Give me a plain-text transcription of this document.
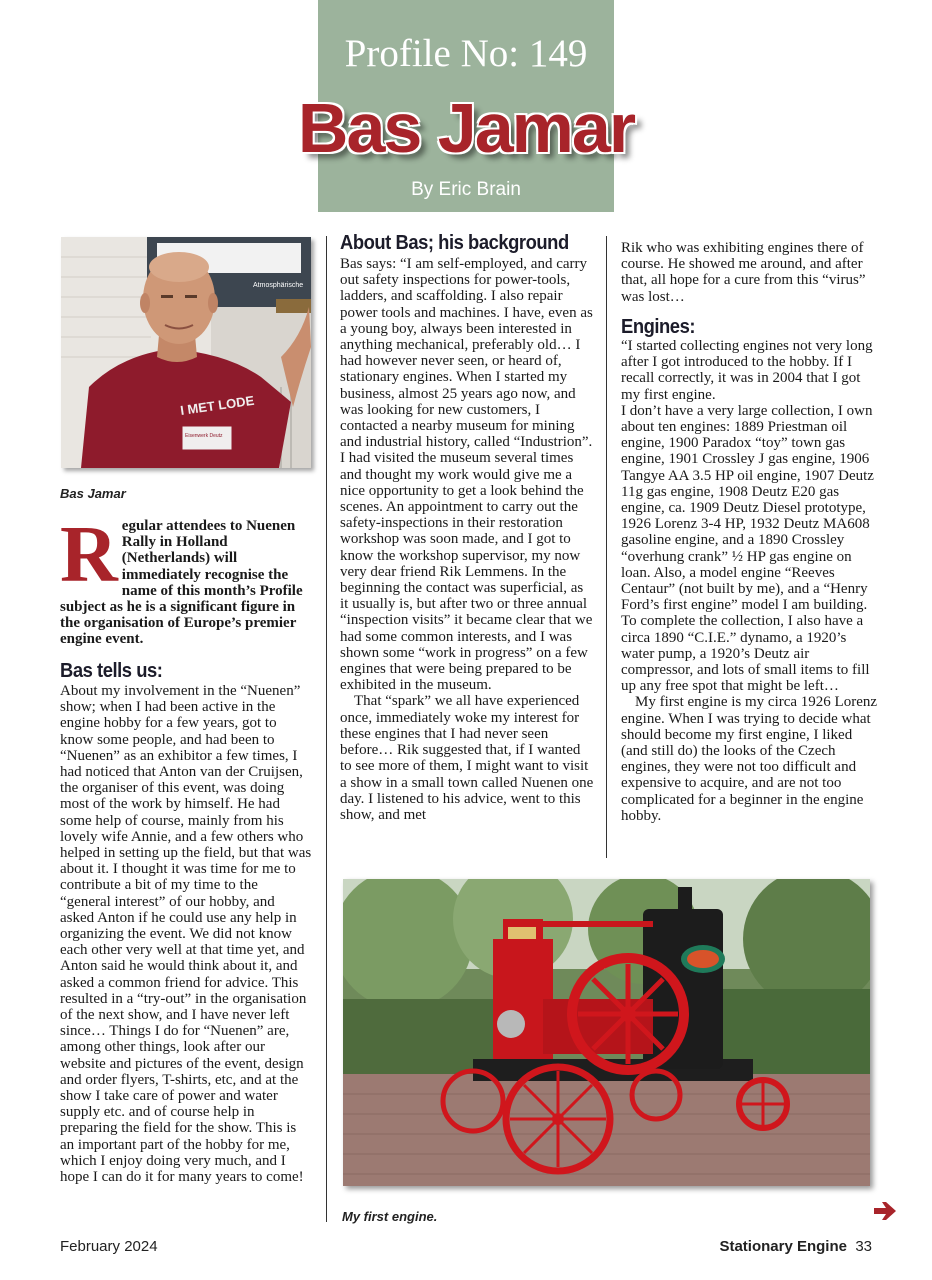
Profile No: 149
Bas Jamar
By Eric Brain
Atmosphärische
I MET LODE
Eisenwerk Deutz
Bas Jamar
Regular attendees to Nuenen Rally in Holland (Netherlands) will immediately recognise the name of this month’s Profile subject as he is a significant figure in the organisation of Europe’s premier engine event.
Bas tells us:

About my involvement in the “Nuenen” show; when I had been active in the engine hobby for a few years, got to know some people, and had been to “Nuenen” as an exhibitor a few times, I had noticed that Anton van der Cruijsen, the organiser of this event, was doing most of the work by himself. He had some help of course, mainly from his lovely wife Annie, and a few others who helped in setting up the field, but that was about it. I thought it was time for me to contribute a bit of my time to the “general interest” of our hobby, and asked Anton if he could use any help in organizing the event. We did not know each other very well at that time yet, and Anton said he would think about it, and asked a common friend for advice. This resulted in a “try-out” in the organisation of the next show, and I have never left since… Things I do for “Nuenen” are, among other things, look after our website and pictures of the event, design and order flyers, T-shirts, etc, and at the show I take care of power and water supply etc. and of course help in preparing the field for the show. This is an important part of the hobby for me, which I enjoy doing very much, and I hope I can do it for many years to come!

About Bas; his background

Bas says: “I am self-employed, and carry out safety inspections for power-tools, ladders, and scaffolding. I also repair power tools and machines. I have, even as a young boy, always been interested in anything mechanical, preferably old… I had however never seen, or heard of, stationary engines. When I started my business, almost 25 years ago now, and was looking for new customers, I contacted a nearby museum for mining and industrial history, called “Industrion”. I had visited the museum several times and thought my work would give me a nice opportunity to get a look behind the scenes. An appointment to carry out the safety-inspections in their restoration workshop was soon made, and I got to know the workshop supervisor, my now very dear friend Rik Lemmens. In the beginning the contact was superficial, as it usually is, but after two or three annual “inspection visits” it became clear that we had some common interests, and I was shown some “work in progress” on a few engines that were being prepared to be exhibited in the museum.

That “spark” we all have experienced once, immediately woke my interest for these engines that I had never seen before… Rik suggested that, if I wanted to see more of them, I might want to visit a show in a small town called Nuenen one day. I listened to his advice, went to this show, and met

Rik who was exhibiting engines there of course. He showed me around, and after that, all hope for a cure from this “virus” was lost…

Engines:

“I started collecting engines not very long after I got introduced to the hobby. If I recall correctly, it was in 2004 that I got my first engine.

I don’t have a very large collection, I own about ten engines: 1889 Priestman oil engine, 1900 Paradox “toy” town gas engine, 1901 Crossley J gas engine, 1906 Tangye AA 3.5 HP oil engine, 1907 Deutz 11g gas engine, 1908 Deutz E20 gas engine, ca. 1909 Deutz Diesel prototype, 1926 Lorenz 3-4 HP, 1932 Deutz MA608 gasoline engine, and a 1890 Crossley “overhung crank” ½ HP gas engine on loan. Also, a model engine “Reeves Centaur” (not built by me), and a “Henry Ford’s first engine” model I am building. To complete the collection, I also have a circa 1890 “C.I.E.” dynamo, a 1920’s water pump, a 1920’s Deutz air compressor, and lots of small items to fill up any free spot that might be left…

My first engine is my circa 1926 Lorenz engine. When I was trying to decide what should become my first engine, I liked (and still do) the looks of the Czech engines, they were not too difficult and expensive to acquire, and are not too complicated for a beginner in the engine hobby.

My first engine.
February 2024	Stationary Engine 33
